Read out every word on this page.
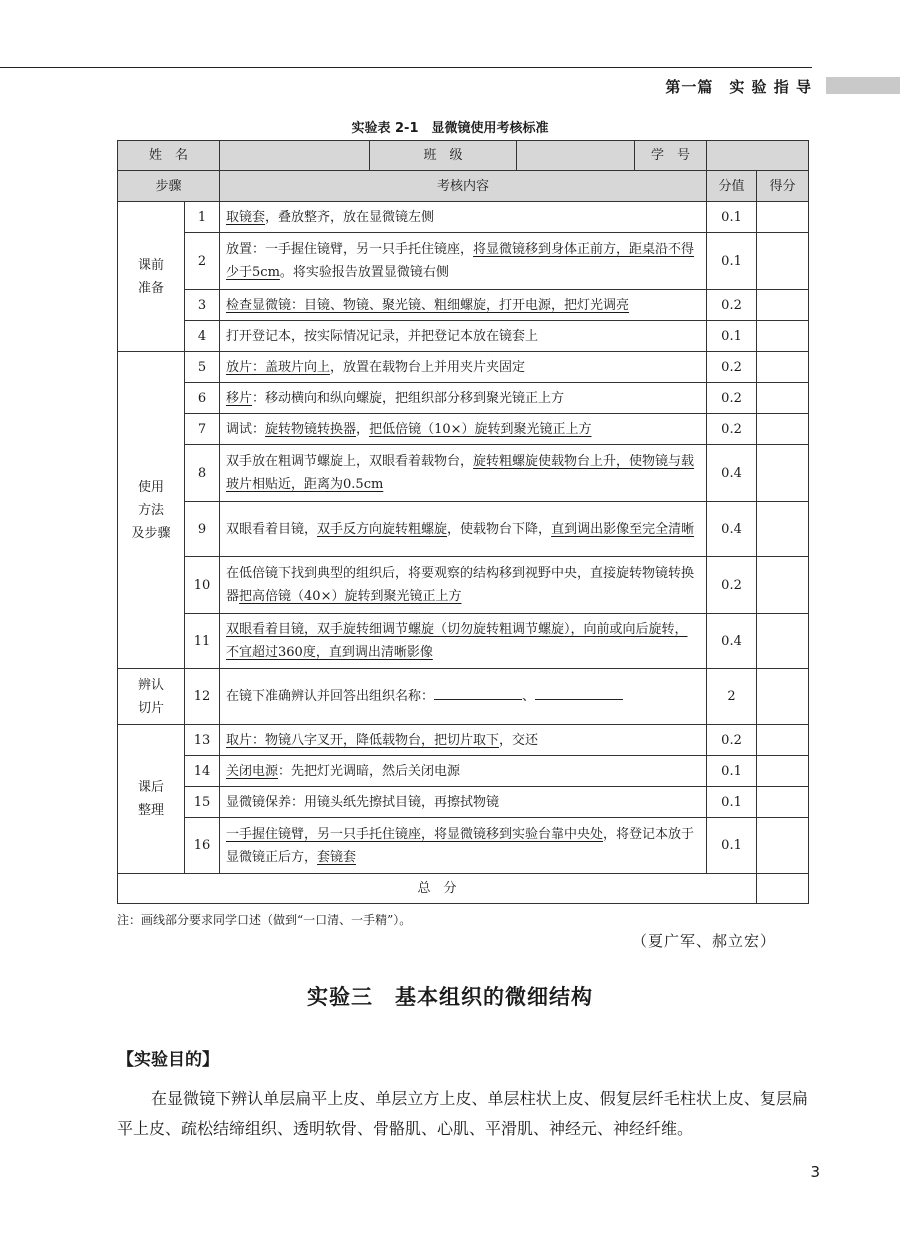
第一篇　实 验 指 导
实验表 2-1　显微镜使用考核标准
姓　名			班　级		学　号		
步骤		考核内容				分值	得分
课前
准备	1	取镜套，叠放整齐，放在显微镜左侧				0.1	
	2	放置：一手握住镜臂，另一只手托住镜座，将显微镜移到身体正前方，距桌沿不得少于5cm。将实验报告放置显微镜右侧				0.1	
	3	检查显微镜：目镜、物镜、聚光镜、粗细螺旋，打开电源，把灯光调亮				0.2	
	4	打开登记本，按实际情况记录，并把登记本放在镜套上				0.1	
使用
方法
及步骤	5	放片：盖玻片向上，放置在载物台上并用夹片夹固定				0.2	
	6	移片：移动横向和纵向螺旋，把组织部分移到聚光镜正上方				0.2	
	7	调试：旋转物镜转换器，把低倍镜（10×）旋转到聚光镜正上方				0.2	
	8	双手放在粗调节螺旋上，双眼看着载物台，旋转粗螺旋使载物台上升，使物镜与载玻片相贴近，距离为0.5cm				0.4	
	9	双眼看着目镜，双手反方向旋转粗螺旋，使载物台下降，直到调出影像至完全清晰				0.4	
	10	在低倍镜下找到典型的组织后，将要观察的结构移到视野中央，直接旋转物镜转换器把高倍镜（40×）旋转到聚光镜正上方				0.2	
	11	双眼看着目镜，双手旋转细调节螺旋（切勿旋转粗调节螺旋），向前或向后旋转，不宜超过360度，直到调出清晰影像				0.4	
辨认
切片	12	在镜下准确辨认并回答出组织名称： 、				2	
课后
整理	13	取片：物镜八字叉开，降低载物台，把切片取下，交还				0.2	
	14	关闭电源：先把灯光调暗，然后关闭电源				0.1	
	15	显微镜保养：用镜头纸先擦拭目镜，再擦拭物镜				0.1	
	16	一手握住镜臂，另一只手托住镜座，将显微镜移到实验台靠中央处，将登记本放于显微镜正后方，套镜套				0.1	
总　分							
注：画线部分要求同学口述（做到“一口清、一手精”）。
（夏广军、郝立宏）
实验三　基本组织的微细结构
【实验目的】
在显微镜下辨认单层扁平上皮、单层立方上皮、单层柱状上皮、假复层纤毛柱状上皮、复层扁平上皮、疏松结缔组织、透明软骨、骨骼肌、心肌、平滑肌、神经元、神经纤维。
3
